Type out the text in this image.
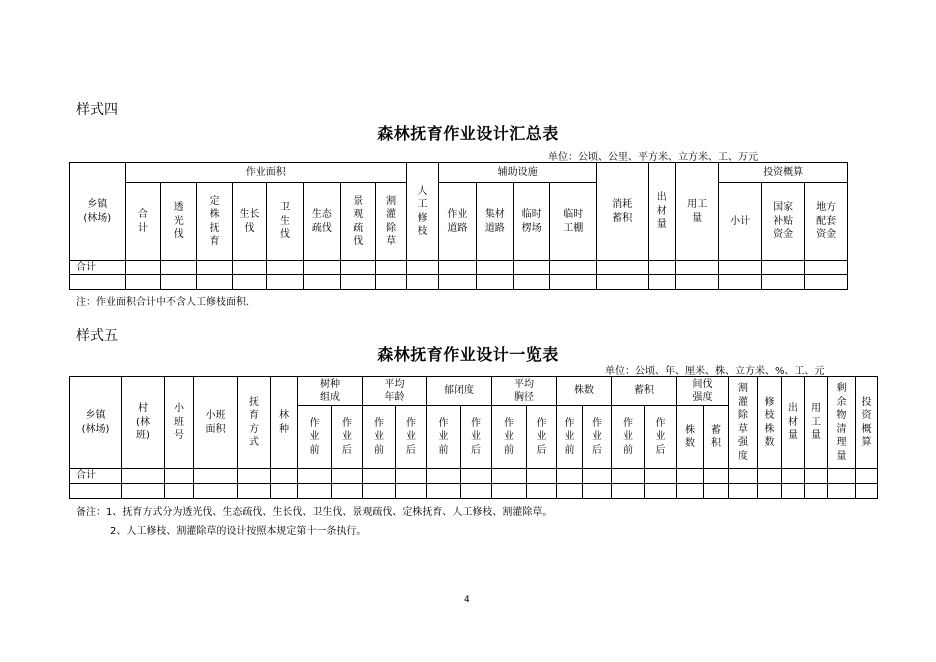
样式四
森林抚育作业设计汇总表
单位：公顷、公里、平方米、立方米、工、万元
乡镇(林场)	作业面积								人工修枝	辅助设施				消耗蓄积	出材量	用工量	投资概算		
	合计	透光伐	定株抚育	生长伐	卫生伐	生态疏伐	景观疏伐	割灌除草		作业道路	集材道路	临时楞场	临时工棚				小计	国家补贴资金	地方配套资金
合计																			

注：作业面积合计中不含人工修枝面积.
样式五
森林抚育作业设计一览表
单位：公顷、年、厘米、株、立方米、%、工、元
乡镇(林场)	村(林班)	小班号	小班面积	抚育方式	林种	树种组成		平均年龄		郁闭度		平均胸径		株数		蓄积		间伐强度		割灌除草强度	修枝株数	出材量	用工量	剩余物清理量	投资概算
						作业前	作业后	作业前	作业后	作业前	作业后	作业前	作业后	作业前	作业后	作业前	作业后	株数	蓄积						
合计																									

备注：1、抚育方式分为透光伐、生态疏伐、生长伐、卫生伐、景观疏伐、定株抚育、人工修枝、割灌除草。
2、人工修枝、割灌除草的设计按照本规定第十一条执行。
4
